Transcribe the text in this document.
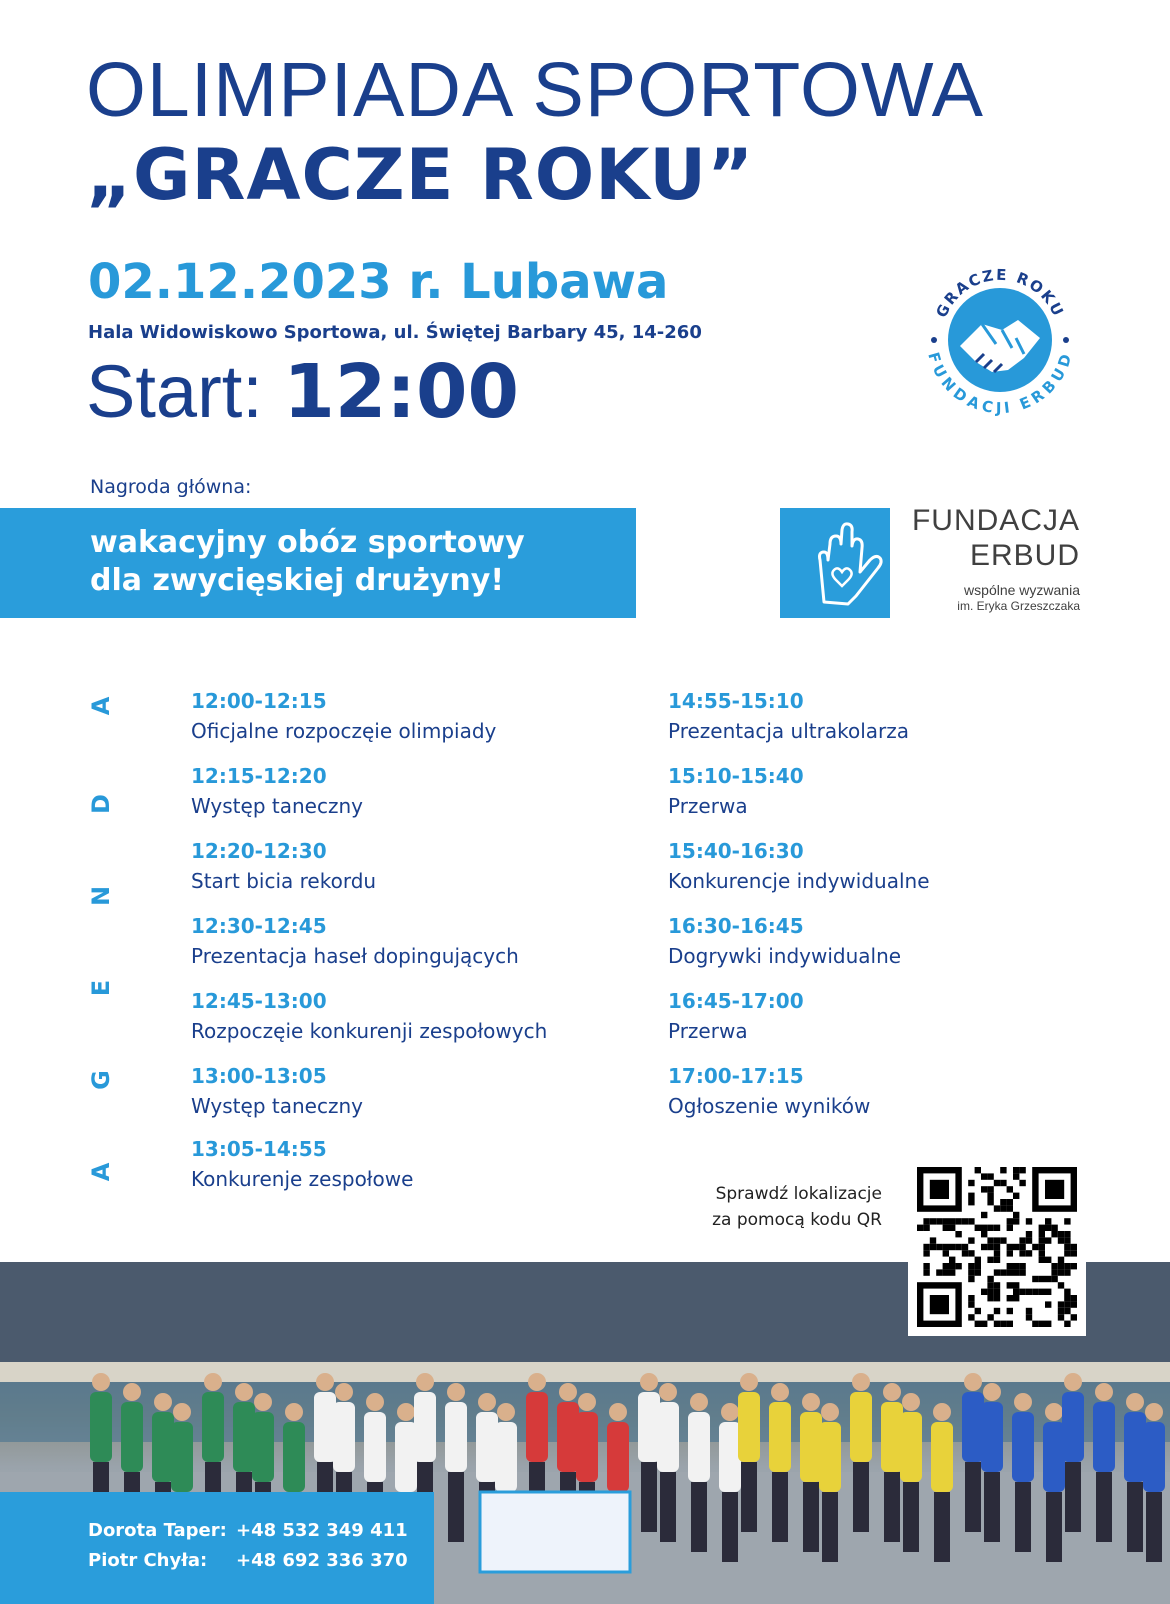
OLIMPIADA SPORTOWA
„GRACZE ROKU”
02.12.2023 r. Lubawa
Hala Widowiskowo Sportowa, ul. Świętej Barbary 45, 14-260
Start: 12:00
GRACZE ROKU
FUNDACJI ERBUD
Nagroda główna:
wakacyjny obóz sportowy
dla zwycięskiej drużyny!
FUNDACJA
ERBUD
wspólne wyzwania
im. Eryka Grzeszczaka
A
G
E
N
D
A	12:00-12:15
Oficjalne rozpoczęie olimpiady
12:15-12:20
Występ taneczny
12:20-12:30
Start bicia rekordu
12:30-12:45
Prezentacja haseł dopingujących
12:45-13:00
Rozpoczęie konkurenji zespołowych
13:00-13:05
Występ taneczny
13:05-14:55
Konkurenje zespołowe
14:55-15:10
Prezentacja ultrakolarza
15:10-15:40
Przerwa
15:40-16:30
Konkurencje indywidualne
16:30-16:45
Dogrywki indywidualne
16:45-17:00
Przerwa
17:00-17:15
Ogłoszenie wyników
Sprawdź lokalizacje
za pomocą kodu QR
Dorota Taper: +48 532 349 411
Piotr Chyła: +48 692 336 370
